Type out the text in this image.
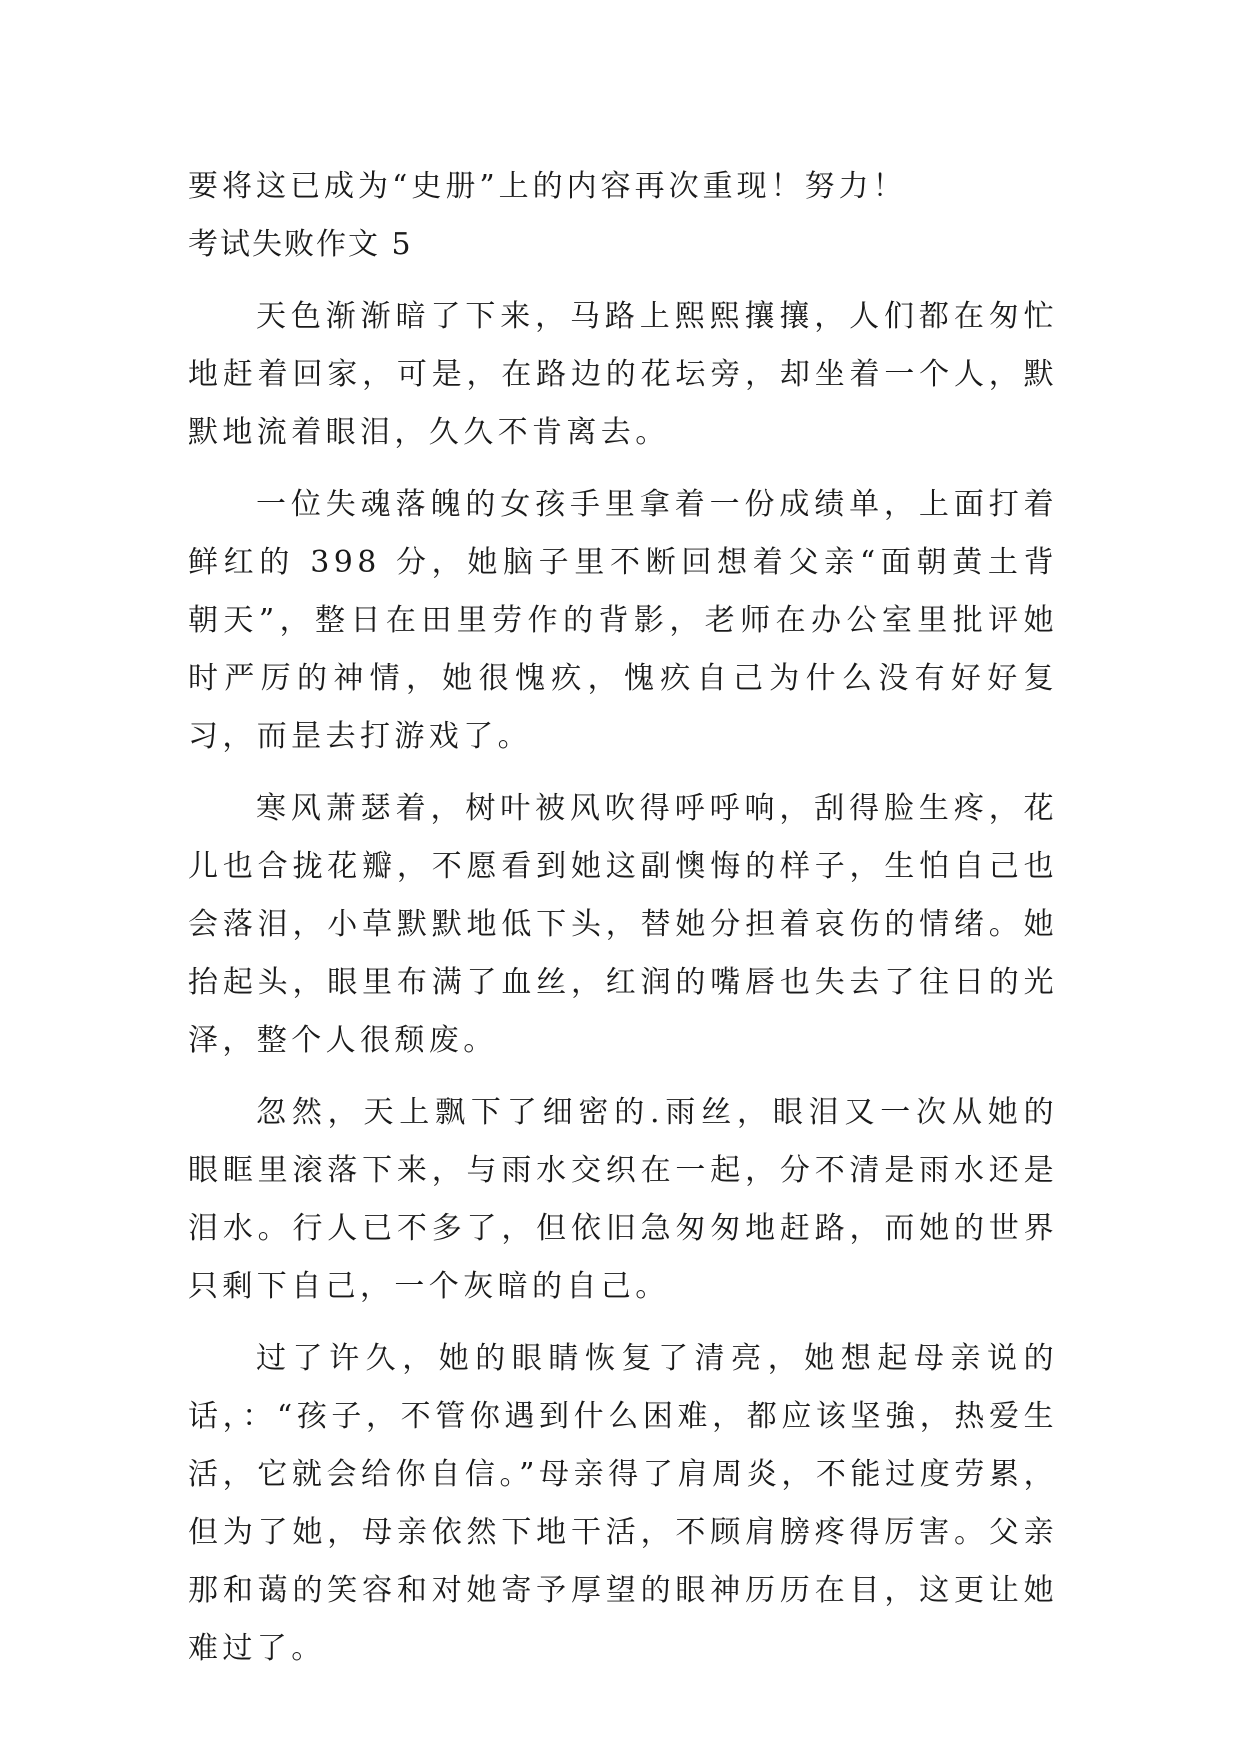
要将这已成为“史册”上的内容再次重现！努力！

考试失败作文 5

天色渐渐暗了下来，马路上熙熙攘攘，人们都在匆忙地赶着回家，可是，在路边的花坛旁，却坐着一个人，默默地流着眼泪，久久不肯离去。

一位失魂落魄的女孩手里拿着一份成绩单，上面打着鲜红的 398 分，她脑子里不断回想着父亲“面朝黄土背朝天”，整日在田里劳作的背影，老师在办公室里批评她时严厉的神情，她很愧疚，愧疚自己为什么没有好好复习，而昰去打游戏了。

寒风萧瑟着，树叶被风吹得呼呼响，刮得脸生疼，花儿也合拢花瓣，不愿看到她这副懊悔的样子，生怕自己也会落泪，小草默默地低下头，替她分担着哀伤的情绪。她抬起头，眼里布满了血丝，红润的嘴唇也失去了往日的光泽，整个人很颓废。

忽然，天上飘下了细密的.雨丝，眼泪又一次从她的眼眶里滚落下来，与雨水交织在一起，分不清是雨水还是泪水。行人已不多了，但依旧急匆匆地赶路，而她的世界只剩下自己，一个灰暗的自己。

过了许久，她的眼睛恢复了清亮，她想起母亲说的话，：“孩子，不管你遇到什么困难，都应该坚強，热爱生活，它就会给你自信。”母亲得了肩周炎，不能过度劳累，但为了她，母亲依然下地干活，不顾肩膀疼得厉害。父亲那和蔼的笑容和对她寄予厚望的眼神历历在目，这更让她难过了。
